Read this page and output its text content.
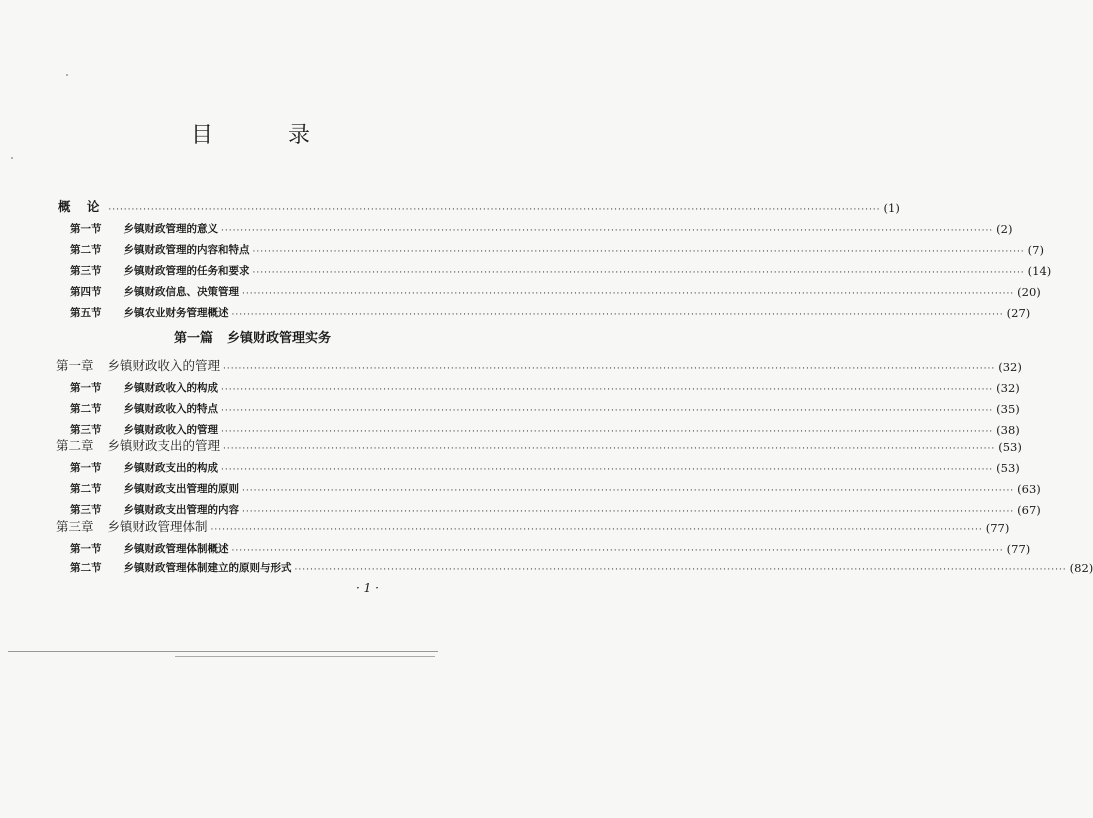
目 录
概 论 ········································································································································································································ (1)
第一节 乡镇财政管理的意义 ········································································································································································································ (2)
第二节 乡镇财政管理的内容和特点 ········································································································································································································ (7)
第三节 乡镇财政管理的任务和要求 ········································································································································································································ (14)
第四节 乡镇财政信息、决策管理 ········································································································································································································ (20)
第五节 乡镇农业财务管理概述 ········································································································································································································ (27)
第一篇 乡镇财政管理实务
第一章 乡镇财政收入的管理 ········································································································································································································ (32)
第一节 乡镇财政收入的构成 ········································································································································································································ (32)
第二节 乡镇财政收入的特点 ········································································································································································································ (35)
第三节 乡镇财政收入的管理 ········································································································································································································ (38)
第二章 乡镇财政支出的管理 ········································································································································································································ (53)
第一节 乡镇财政支出的构成 ········································································································································································································ (53)
第二节 乡镇财政支出管理的原则 ········································································································································································································ (63)
第三节 乡镇财政支出管理的内容 ········································································································································································································ (67)
第三章 乡镇财政管理体制 ········································································································································································································ (77)
第一节 乡镇财政管理体制概述 ········································································································································································································ (77)
第二节 乡镇财政管理体制建立的原则与形式 ········································································································································································································ (82)
· 1 ·
